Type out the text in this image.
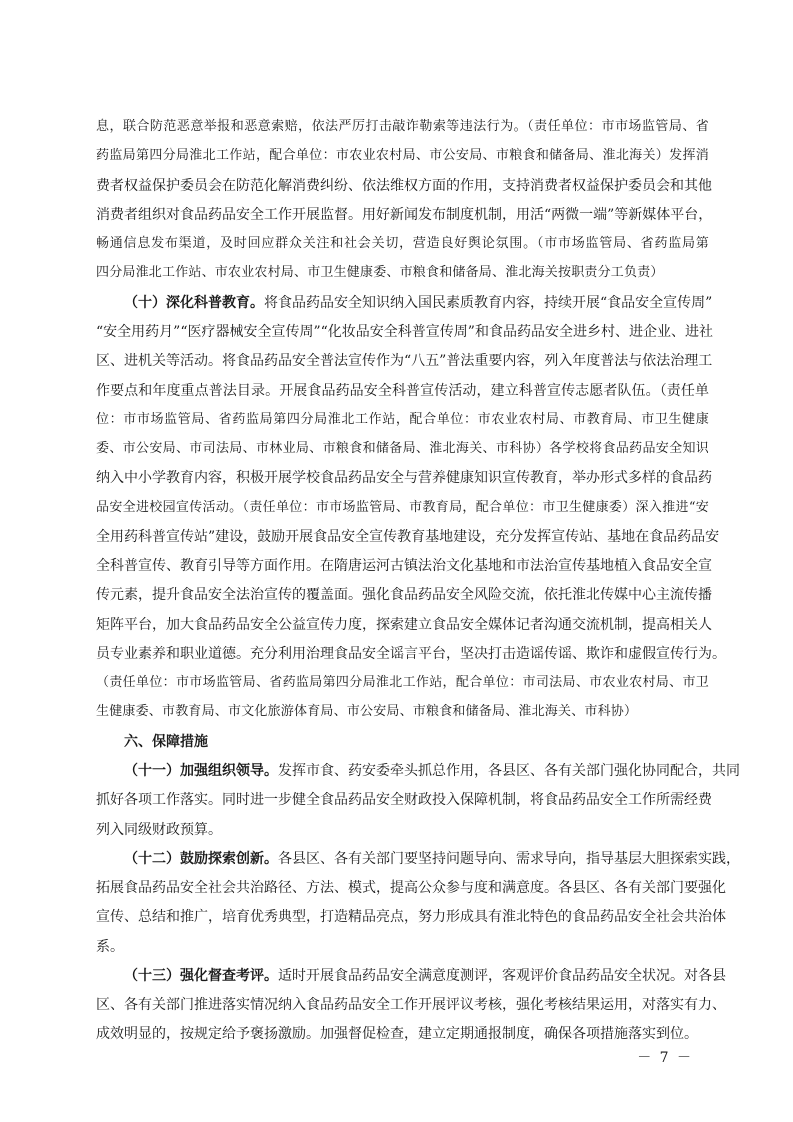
息，联合防范恶意举报和恶意索赔，依法严厉打击敲诈勒索等违法行为。（责任单位：市市场监管局、省
药监局第四分局淮北工作站，配合单位：市农业农村局、市公安局、市粮食和储备局、淮北海关）发挥消
费者权益保护委员会在防范化解消费纠纷、依法维权方面的作用，支持消费者权益保护委员会和其他
消费者组织对食品药品安全工作开展监督。用好新闻发布制度机制，用活“两微一端”等新媒体平台，
畅通信息发布渠道，及时回应群众关注和社会关切，营造良好舆论氛围。（市市场监管局、省药监局第
四分局淮北工作站、市农业农村局、市卫生健康委、市粮食和储备局、淮北海关按职责分工负责）
（十）深化科普教育。将食品药品安全知识纳入国民素质教育内容，持续开展“食品安全宣传周”
“安全用药月”“医疗器械安全宣传周”“化妆品安全科普宣传周”和食品药品安全进乡村、进企业、进社
区、进机关等活动。将食品药品安全普法宣传作为“八五”普法重要内容，列入年度普法与依法治理工
作要点和年度重点普法目录。开展食品药品安全科普宣传活动，建立科普宣传志愿者队伍。（责任单
位：市市场监管局、省药监局第四分局淮北工作站，配合单位：市农业农村局、市教育局、市卫生健康
委、市公安局、市司法局、市林业局、市粮食和储备局、淮北海关、市科协）各学校将食品药品安全知识
纳入中小学教育内容，积极开展学校食品药品安全与营养健康知识宣传教育，举办形式多样的食品药
品安全进校园宣传活动。（责任单位：市市场监管局、市教育局，配合单位：市卫生健康委）深入推进“安
全用药科普宣传站”建设，鼓励开展食品安全宣传教育基地建设，充分发挥宣传站、基地在食品药品安
全科普宣传、教育引导等方面作用。在隋唐运河古镇法治文化基地和市法治宣传基地植入食品安全宣
传元素，提升食品安全法治宣传的覆盖面。强化食品药品安全风险交流，依托淮北传媒中心主流传播
矩阵平台，加大食品药品安全公益宣传力度，探索建立食品安全媒体记者沟通交流机制，提高相关人
员专业素养和职业道德。充分利用治理食品安全谣言平台，坚决打击造谣传谣、欺诈和虚假宣传行为。
（责任单位：市市场监管局、省药监局第四分局淮北工作站，配合单位：市司法局、市农业农村局、市卫
生健康委、市教育局、市文化旅游体育局、市公安局、市粮食和储备局、淮北海关、市科协）
六、保障措施
（十一）加强组织领导。发挥市食、药安委牵头抓总作用，各县区、各有关部门强化协同配合，共同
抓好各项工作落实。同时进一步健全食品药品安全财政投入保障机制，将食品药品安全工作所需经费
列入同级财政预算。
（十二）鼓励探索创新。各县区、各有关部门要坚持问题导向、需求导向，指导基层大胆探索实践，
拓展食品药品安全社会共治路径、方法、模式，提高公众参与度和满意度。各县区、各有关部门要强化
宣传、总结和推广，培育优秀典型，打造精品亮点，努力形成具有淮北特色的食品药品安全社会共治体
系。
（十三）强化督查考评。适时开展食品药品安全满意度测评，客观评价食品药品安全状况。对各县
区、各有关部门推进落实情况纳入食品药品安全工作开展评议考核，强化考核结果运用，对落实有力、
成效明显的，按规定给予褒扬激励。加强督促检查，建立定期通报制度，确保各项措施落实到位。
－ 7 －
